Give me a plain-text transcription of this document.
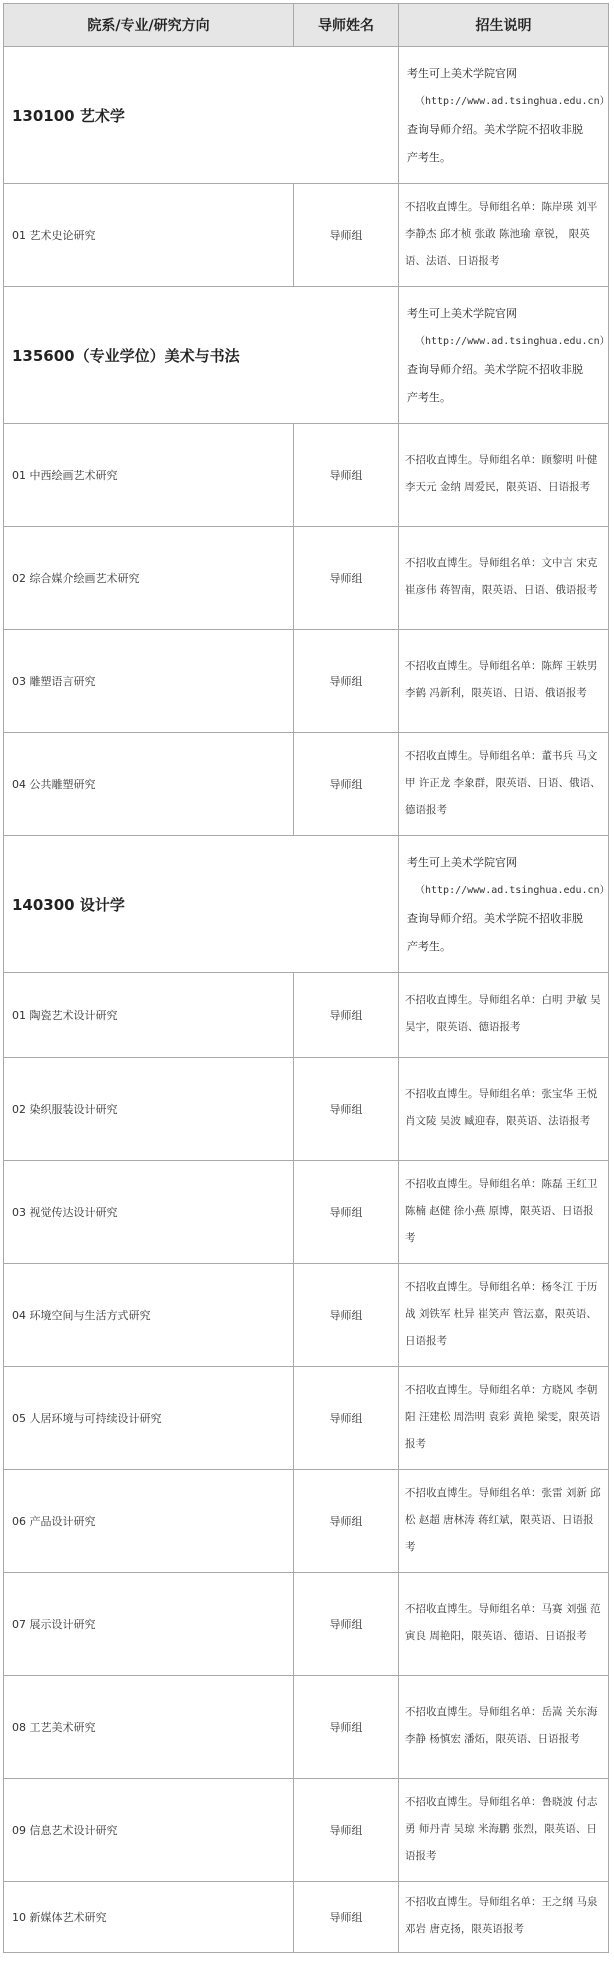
院系/专业/研究方向	导师姓名	招生说明
130100 艺术学		考生可上美术学院官网
（http://www.ad.tsinghua.edu.cn）
查询导师介绍。美术学院不招收非脱
产考生。

01 艺术史论研究	导师组	不招收直博生。导师组名单：陈岸瑛 刘平 李静杰 邱才桢 张敢 陈池瑜 章锐， 限英语、法语、日语报考
135600（专业学位）美术与书法		考生可上美术学院官网
（http://www.ad.tsinghua.edu.cn）
查询导师介绍。美术学院不招收非脱
产考生。

01 中西绘画艺术研究	导师组	不招收直博生。导师组名单：顾黎明 叶健 李天元 金纳 周爱民，限英语、日语报考
02 综合媒介绘画艺术研究	导师组	不招收直博生。导师组名单：文中言 宋克 崔彦伟 蒋智南，限英语、日语、俄语报考
03 雕塑语言研究	导师组	不招收直博生。导师组名单：陈辉 王轶男 李鹤 冯新利，限英语、日语、俄语报考
04 公共雕塑研究	导师组	不招收直博生。导师组名单：董书兵 马文甲 许正龙 李象群，限英语、日语、俄语、德语报考
140300 设计学		考生可上美术学院官网
（http://www.ad.tsinghua.edu.cn）
查询导师介绍。美术学院不招收非脱
产考生。

01 陶瓷艺术设计研究	导师组	不招收直博生。导师组名单：白明 尹敏 吴昊宇，限英语、德语报考
02 染织服装设计研究	导师组	不招收直博生。导师组名单：张宝华 王悦 肖文陵 吴波 臧迎春，限英语、法语报考
03 视觉传达设计研究	导师组	不招收直博生。导师组名单：陈磊 王红卫 陈楠 赵健 徐小燕 原博，限英语、日语报考
04 环境空间与生活方式研究	导师组	不招收直博生。导师组名单：杨冬江 于历战 刘铁军 杜异 崔笑声 管沄嘉，限英语、日语报考
05 人居环境与可持续设计研究	导师组	不招收直博生。导师组名单：方晓风 李朝阳 汪建松 周浩明 袁彩 黄艳 梁雯，限英语报考
06 产品设计研究	导师组	不招收直博生。导师组名单：张雷 刘新 邱松 赵超 唐林涛 蒋红斌，限英语、日语报考
07 展示设计研究	导师组	不招收直博生。导师组名单：马赛 刘强 范寅良 周艳阳，限英语、德语、日语报考
08 工艺美术研究	导师组	不招收直博生。导师组名单：岳嵩 关东海 李静 杨慎宏 潘炻，限英语、日语报考
09 信息艺术设计研究	导师组	不招收直博生。导师组名单：鲁晓波 付志勇 师丹青 吴琼 米海鹏 张烈，限英语、日语报考
10 新媒体艺术研究	导师组	不招收直博生。导师组名单：王之纲 马泉 邓岩 唐克扬，限英语报考
